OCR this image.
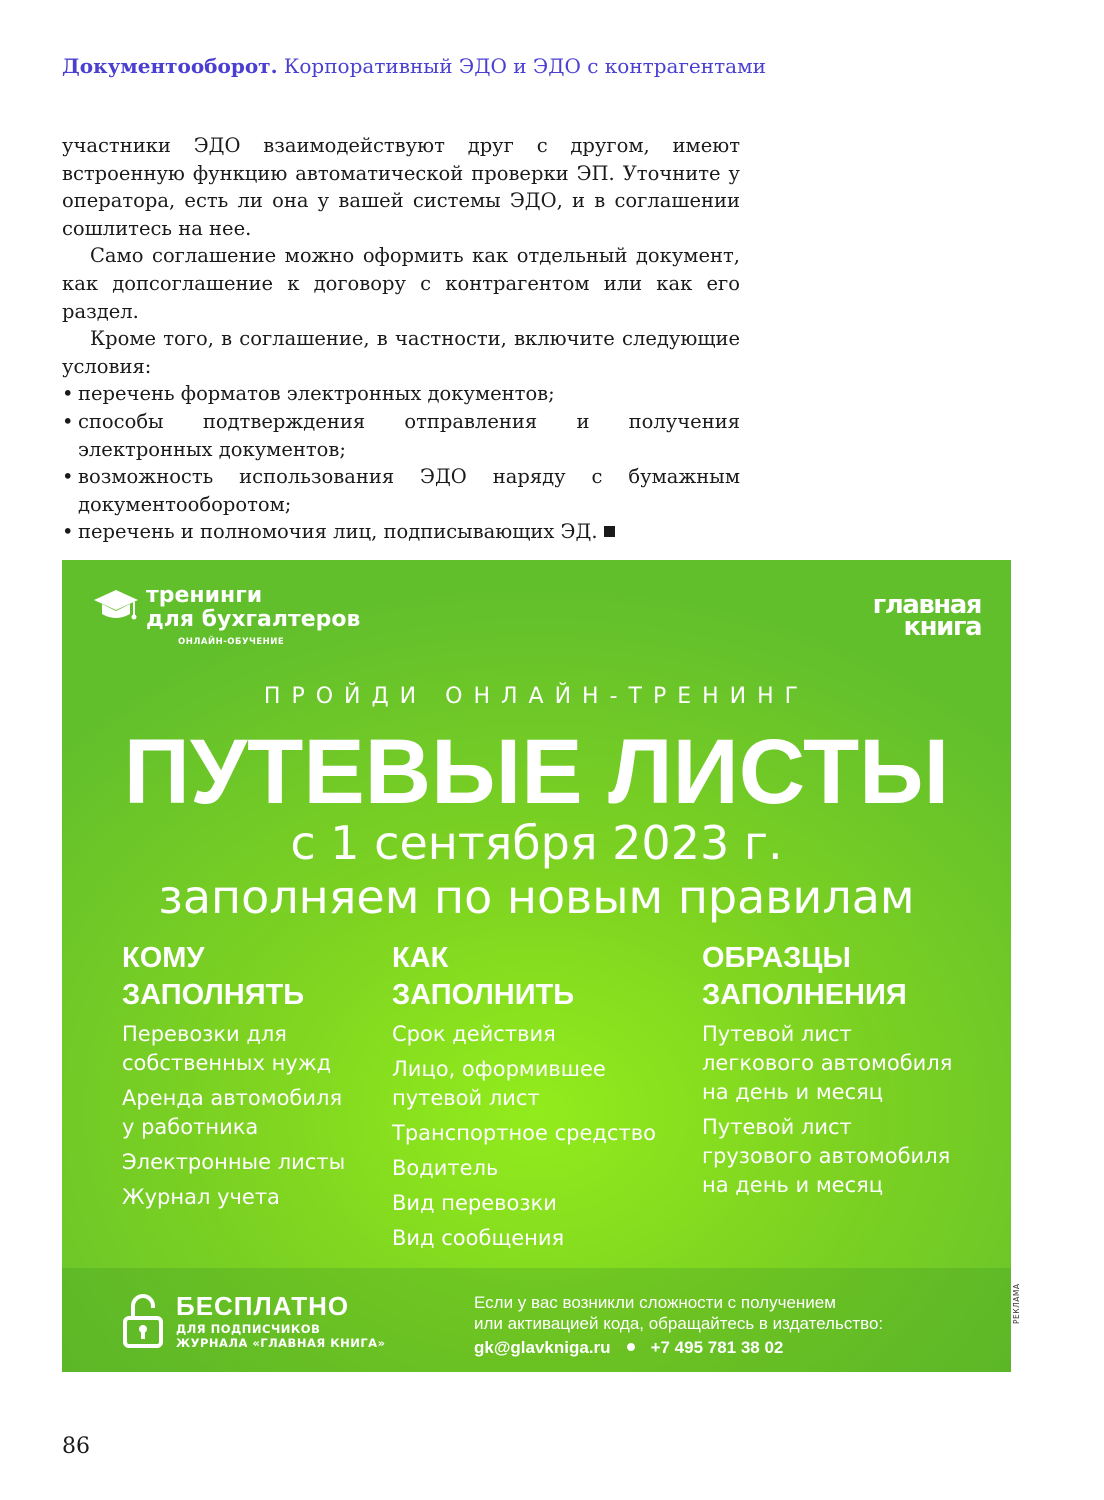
Документооборот. Корпоративный ЭДО и ЭДО с контрагентами

участники ЭДО взаимодействуют друг с другом, имеют встроенную функцию автоматической проверки ЭП. Уточните у оператора, есть ли она у вашей системы ЭДО, и в соглашении сошлитесь на нее.

Само соглашение можно оформить как отдельный документ, как допсоглашение к договору с контрагентом или как его раздел.

Кроме того, в соглашение, в частности, включите следующие условия:

• перечень форматов электронных документов;
• способы подтверждения отправления и получения электронных документов;
• возможность использования ЭДО наряду с бумажным документооборотом;
• перечень и полномочия лиц, подписывающих ЭД.
тренинги
для бухгалтеров
ОНЛАЙН-ОБУЧЕНИЕ
главная
книга
ПРОЙДИ ОНЛАЙН-ТРЕНИНГ
ПУТЕВЫЕ ЛИСТЫ
с 1 сентября 2023 г.
заполняем по новым правилам
КОМУ
ЗАПОЛНЯТЬ
Перевозки для
собственных нужд
Аренда автомобиля
у работника
Электронные листы
Журнал учета
КАК
ЗАПОЛНИТЬ
Срок действия
Лицо, оформившее
путевой лист
Транспортное средство
Водитель
Вид перевозки
Вид сообщения
ОБРАЗЦЫ
ЗАПОЛНЕНИЯ
Путевой лист
легкового автомобиля
на день и месяц
Путевой лист
грузового автомобиля
на день и месяц
БЕСПЛАТНО
ДЛЯ ПОДПИСЧИКОВ
ЖУРНАЛА «ГЛАВНАЯ КНИГА»
Если у вас возникли сложности с получением
или активацией кода, обращайтесь в издательство:
gk@glavkniga.ru +7 495 781 38 02
РЕКЛАМА
86
